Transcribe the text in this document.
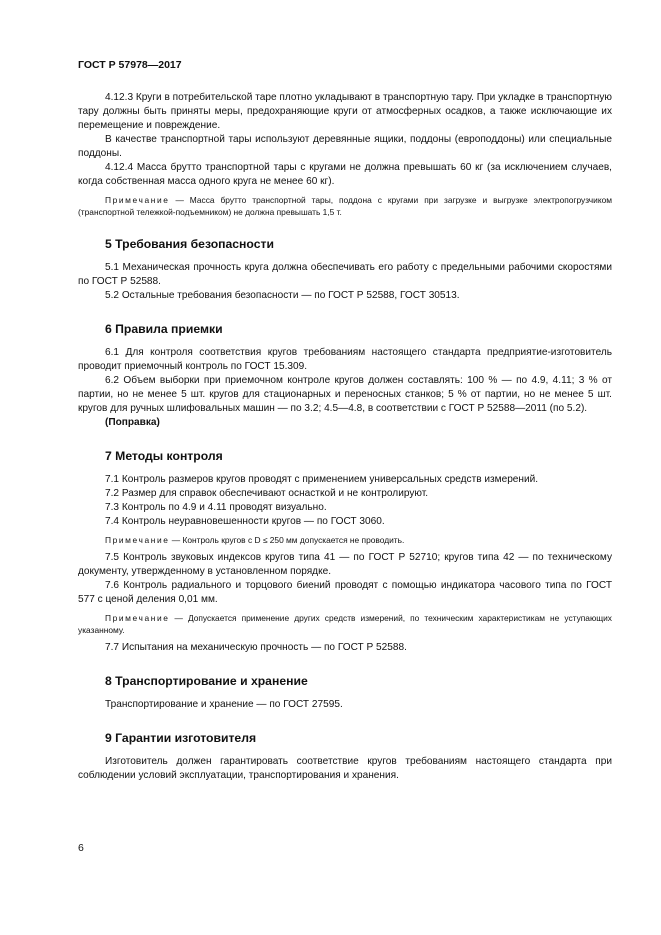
ГОСТ Р 57978—2017

4.12.3 Круги в потребительской таре плотно укладывают в транспортную тару. При укладке в транспортную тару должны быть приняты меры, предохраняющие круги от атмосферных осадков, а также исключающие их перемещение и повреждение.

В качестве транспортной тары используют деревянные ящики, поддоны (европоддоны) или специальные поддоны.

4.12.4 Масса брутто транспортной тары с кругами не должна превышать 60 кг (за исключением случаев, когда собственная масса одного круга не менее 60 кг).

Примечание — Масса брутто транспортной тары, поддона с кругами при загрузке и выгрузке электропогрузчиком (транспортной тележкой-подъемником) не должна превышать 1,5 т.

5 Требования безопасности

5.1 Механическая прочность круга должна обеспечивать его работу с предельными рабочими скоростями по ГОСТ Р 52588.

5.2 Остальные требования безопасности — по ГОСТ Р 52588, ГОСТ 30513.

6 Правила приемки

6.1 Для контроля соответствия кругов требованиям настоящего стандарта предприятие-изготовитель проводит приемочный контроль по ГОСТ 15.309.

6.2 Объем выборки при приемочном контроле кругов должен составлять: 100 % — по 4.9, 4.11; 3 % от партии, но не менее 5 шт. кругов для стационарных и переносных станков; 5 % от партии, но не менее 5 шт. кругов для ручных шлифовальных машин — по 3.2; 4.5—4.8, в соответствии с ГОСТ Р 52588—2011 (по 5.2).

(Поправка)

7 Методы контроля

7.1 Контроль размеров кругов проводят с применением универсальных средств измерений.

7.2 Размер для справок обеспечивают оснасткой и не контролируют.

7.3 Контроль по 4.9 и 4.11 проводят визуально.

7.4 Контроль неуравновешенности кругов — по ГОСТ 3060.

Примечание — Контроль кругов с D ≤ 250 мм допускается не проводить.

7.5 Контроль звуковых индексов кругов типа 41 — по ГОСТ Р 52710; кругов типа 42 — по техническому документу, утвержденному в установленном порядке.

7.6 Контроль радиального и торцового биений проводят с помощью индикатора часового типа по ГОСТ 577 с ценой деления 0,01 мм.

Примечание — Допускается применение других средств измерений, по техническим характеристикам не уступающих указанному.

7.7 Испытания на механическую прочность — по ГОСТ Р 52588.

8 Транспортирование и хранение

Транспортирование и хранение — по ГОСТ 27595.

9 Гарантии изготовителя

Изготовитель должен гарантировать соответствие кругов требованиям настоящего стандарта при соблюдении условий эксплуатации, транспортирования и хранения.

6
